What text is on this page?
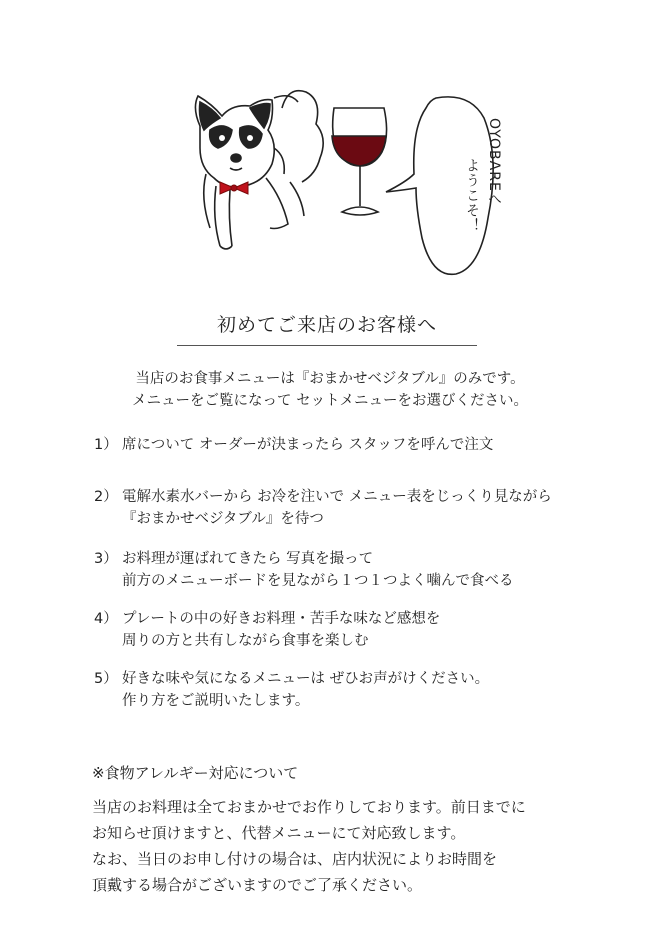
OYOBAREへ
ようこそ！
初めてご来店のお客様へ
当店のお食事メニューは『おまかせベジタブル』のみです。
メニューをご覧になって セットメニューをお選びください。
1） 席について オーダーが決まったら スタッフを呼んで注文
2） 電解水素水バーから お冷を注いで メニュー表をじっくり見ながら
『おまかせベジタブル』を待つ
3） お料理が運ばれてきたら 写真を撮って
前方のメニューボードを見ながら１つ１つよく噛んで食べる
4） プレートの中の好きお料理・苦手な味など感想を
周りの方と共有しながら食事を楽しむ
5） 好きな味や気になるメニューは ぜひお声がけください。
作り方をご説明いたします。
※食物アレルギー対応について
当店のお料理は全ておまかせでお作りしております。前日までに
お知らせ頂けますと、代替メニューにて対応致します。
なお、当日のお申し付けの場合は、店内状況によりお時間を
頂戴する場合がございますのでご了承ください。
